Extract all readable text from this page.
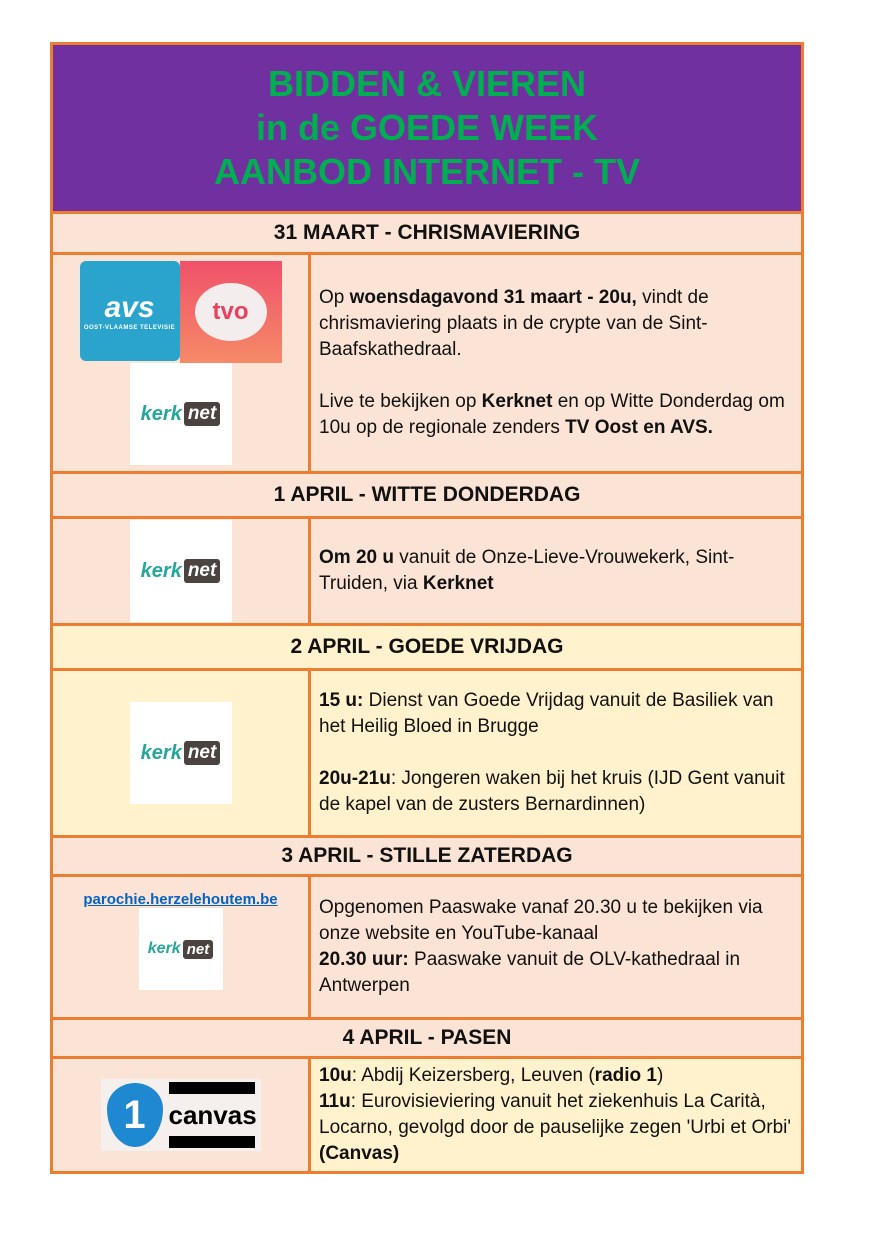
BIDDEN & VIEREN
in de GOEDE WEEK
AANBOD INTERNET - TV
31 MAART - CHRISMAVIERING
avs
OOST-VLAAMSE TELEVISIE
tvo
kerk net

Op woensdagavond 31 maart - 20u, vindt de chrismaviering plaats in de crypte van de Sint-Baafskathedraal.

Live te bekijken op Kerknet en op Witte Donderdag om 10u op de regionale zenders TV Oost en AVS.

1 APRIL - WITTE DONDERDAG
kerk net

Om 20 u vanuit de Onze-Lieve-Vrouwekerk, Sint-Truiden, via Kerknet

2 APRIL - GOEDE VRIJDAG
kerk net

15 u: Dienst van Goede Vrijdag vanuit de Basiliek van het Heilig Bloed in Brugge

20u-21u: Jongeren waken bij het kruis (IJD Gent vanuit de kapel van de zusters Bernardinnen)

3 APRIL - STILLE ZATERDAG
parochie.herzelehoutem.be
kerk net

Opgenomen Paaswake vanaf 20.30 u te bekijken via onze website en YouTube-kanaal

20.30 uur: Paaswake vanuit de OLV-kathedraal in Antwerpen

4 APRIL - PASEN
1 canvas

10u: Abdij Keizersberg, Leuven (radio 1)

11u: Eurovisieviering vanuit het ziekenhuis La Carità, Locarno, gevolgd door de pauselijke zegen 'Urbi et Orbi' (Canvas)
